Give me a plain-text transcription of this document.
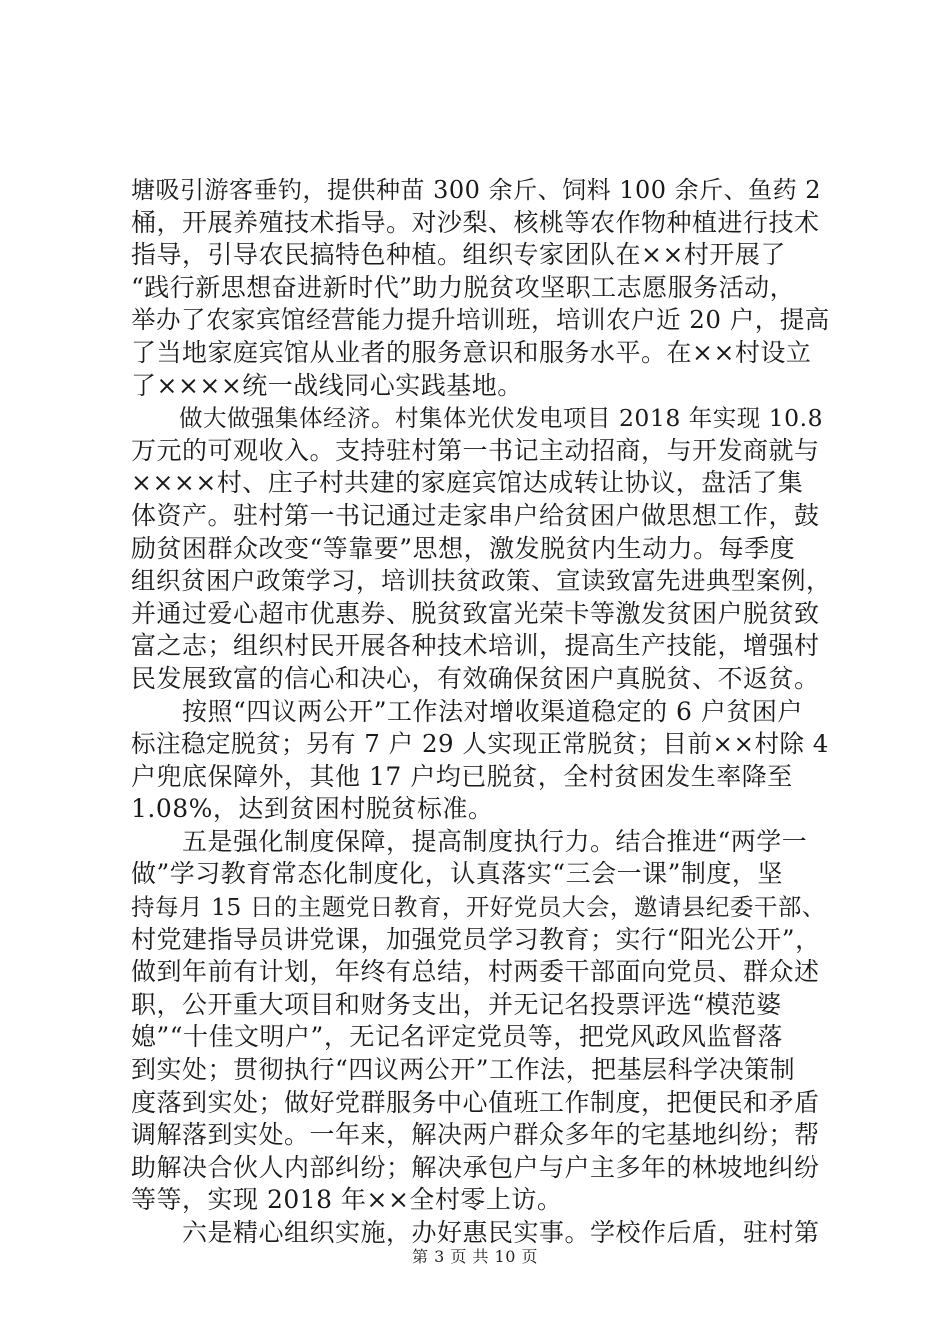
塘吸引游客垂钓，提供种苗 300 余斤、饲料 100 余斤、鱼药 2
桶，开展养殖技术指导。对沙梨、核桃等农作物种植进行技术
指导，引导农民搞特色种植。组织专家团队在××村开展了
“践行新思想奋进新时代”助力脱贫攻坚职工志愿服务活动，
举办了农家宾馆经营能力提升培训班，培训农户近 20 户，提高
了当地家庭宾馆从业者的服务意识和服务水平。在××村设立
了××××统一战线同心实践基地。
　　做大做强集体经济。村集体光伏发电项目 2018 年实现 10.8
万元的可观收入。支持驻村第一书记主动招商，与开发商就与
××××村、庄子村共建的家庭宾馆达成转让协议，盘活了集
体资产。驻村第一书记通过走家串户给贫困户做思想工作，鼓
励贫困群众改变“等靠要”思想，激发脱贫内生动力。每季度
组织贫困户政策学习，培训扶贫政策、宣读致富先进典型案例，
并通过爱心超市优惠券、脱贫致富光荣卡等激发贫困户脱贫致
富之志；组织村民开展各种技术培训，提高生产技能，增强村
民发展致富的信心和决心，有效确保贫困户真脱贫、不返贫。
　　按照“四议两公开”工作法对增收渠道稳定的 6 户贫困户
标注稳定脱贫；另有 7 户 29 人实现正常脱贫；目前××村除 4
户兜底保障外，其他 17 户均已脱贫，全村贫困发生率降至
1.08%，达到贫困村脱贫标准。
　　五是强化制度保障，提高制度执行力。结合推进“两学一
做”学习教育常态化制度化，认真落实“三会一课”制度，坚
持每月 15 日的主题党日教育，开好党员大会，邀请县纪委干部、
村党建指导员讲党课，加强党员学习教育；实行“阳光公开”，
做到年前有计划，年终有总结，村两委干部面向党员、群众述
职，公开重大项目和财务支出，并无记名投票评选“模范婆
媳”“十佳文明户”，无记名评定党员等，把党风政风监督落
到实处；贯彻执行“四议两公开”工作法，把基层科学决策制
度落到实处；做好党群服务中心值班工作制度，把便民和矛盾
调解落到实处。一年来，解决两户群众多年的宅基地纠纷；帮
助解决合伙人内部纠纷；解决承包户与户主多年的林坡地纠纷
等等，实现 2018 年××全村零上访。
　　六是精心组织实施，办好惠民实事。学校作后盾，驻村第
第 3 页 共 10 页
